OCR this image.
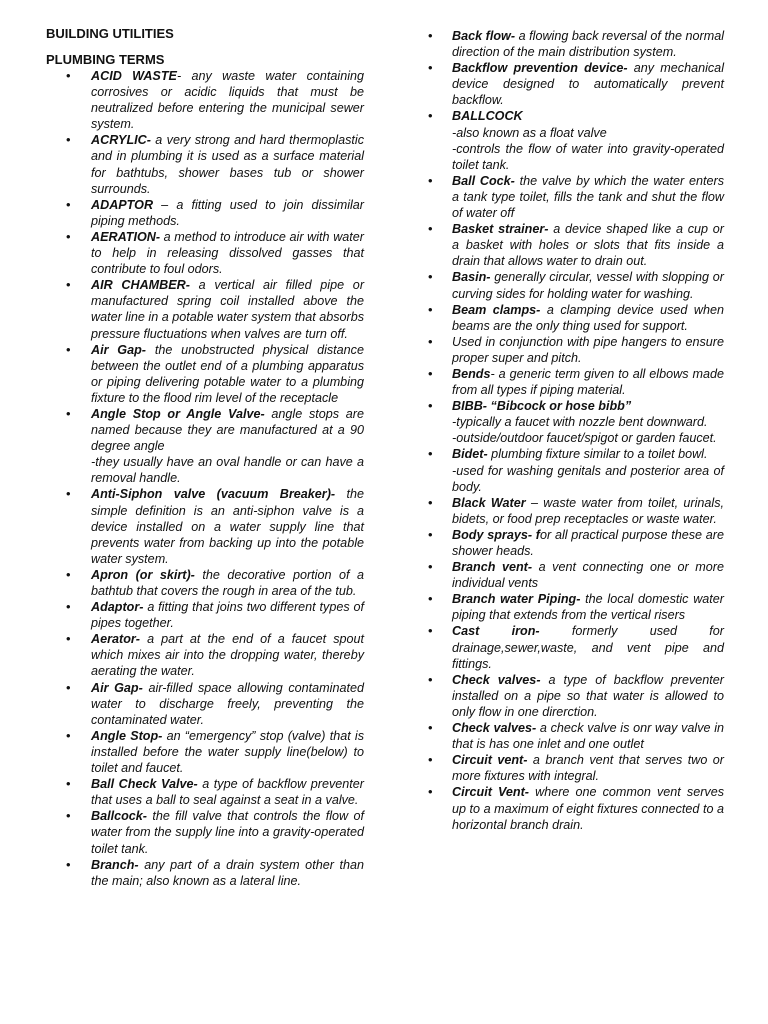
BUILDING UTILITIES

PLUMBING TERMS

• ACID WASTE- any waste water containing corrosives or acidic liquids that must be neutralized before entering the municipal sewer system.
• ACRYLIC- a very strong and hard thermoplastic and in plumbing it is used as a surface material for bathtubs, shower bases tub or shower surrounds.
• ADAPTOR – a fitting used to join dissimilar piping methods.
• AERATION- a method to introduce air with water to help in releasing dissolved gasses that contribute to foul odors.
• AIR CHAMBER- a vertical air filled pipe or manufactured spring coil installed above the water line in a potable water system that absorbs pressure fluctuations when valves are turn off.
• Air Gap- the unobstructed physical distance between the outlet end of a plumbing apparatus or piping delivering potable water to a plumbing fixture to the flood rim level of the receptacle
• Angle Stop or Angle Valve- angle stops are named because they are manufactured at a 90 degree angle
-they usually have an oval handle or can have a removal handle.
• Anti-Siphon valve (vacuum Breaker)- the simple definition is an anti-siphon valve is a device installed on a water supply line that prevents water from backing up into the potable water system.
• Apron (or skirt)- the decorative portion of a bathtub that covers the rough in area of the tub.
• Adaptor- a fitting that joins two different types of pipes together.
• Aerator- a part at the end of a faucet spout which mixes air into the dropping water, thereby aerating the water.
• Air Gap- air-filled space allowing contaminated water to discharge freely, preventing the contaminated water.
• Angle Stop- an “emergency” stop (valve) that is installed before the water supply line(below) to toilet and faucet.
• Ball Check Valve- a type of backflow preventer that uses a ball to seal against a seat in a valve.
• Ballcock- the fill valve that controls the flow of water from the supply line into a gravity-operated toilet tank.
• Branch- any part of a drain system other than the main; also known as a lateral line.
• Back flow- a flowing back reversal of the normal direction of the main distribution system.
• Backflow prevention device- any mechanical device designed to automatically prevent backflow.
• BALLCOCK
-also known as a float valve
-controls the flow of water into gravity-operated toilet tank.
• Ball Cock- the valve by which the water enters a tank type toilet, fills the tank and shut the flow of water off
• Basket strainer- a device shaped like a cup or a basket with holes or slots that fits inside a drain that allows water to drain out.
• Basin- generally circular, vessel with slopping or curving sides for holding water for washing.
• Beam clamps- a clamping device used when beams are the only thing used for support.
• Used in conjunction with pipe hangers to ensure proper super and pitch.
• Bends- a generic term given to all elbows made from all types if piping material.
• BIBB- “Bibcock or hose bibb”
-typically a faucet with nozzle bent downward.
-outside/outdoor faucet/spigot or garden faucet.
• Bidet- plumbing fixture similar to a toilet bowl.
-used for washing genitals and posterior area of body.
• Black Water – waste water from toilet, urinals, bidets, or food prep receptacles or waste water.
• Body sprays- for all practical purpose these are shower heads.
• Branch vent- a vent connecting one or more individual vents
• Branch water Piping- the local domestic water piping that extends from the vertical risers
• Cast iron- formerly used for drainage,sewer,waste, and vent pipe and fittings.
• Check valves- a type of backflow preventer installed on a pipe so that water is allowed to only flow in one direrction.
• Check valves- a check valve is onr way valve in that is has one inlet and one outlet
• Circuit vent- a branch vent that serves two or more fixtures with integral.
• Circuit Vent- where one common vent serves up to a maximum of eight fixtures connected to a horizontal branch drain.
